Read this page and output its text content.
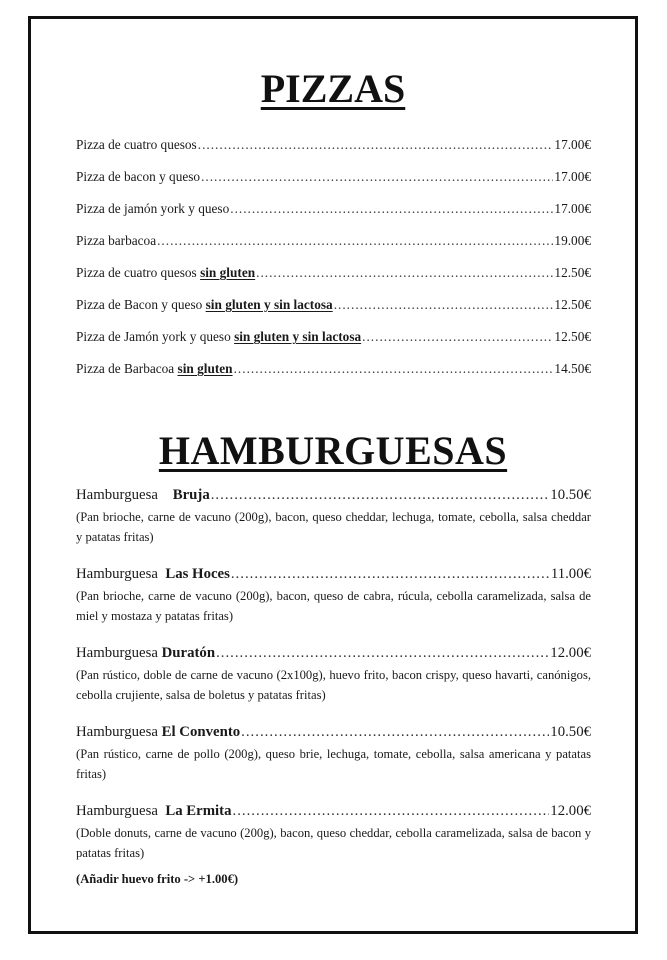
PIZZAS
Pizza de cuatro quesos .....	17.00€
Pizza de bacon y queso .....	17.00€
Pizza de jamón york y queso .....	17.00€
Pizza barbacoa .....	19.00€
Pizza de cuatro quesos sin gluten .....	12.50€
Pizza de Bacon y queso sin gluten y sin lactosa .....	12.50€
Pizza de Jamón york y queso sin gluten y sin lactosa .....	12.50€
Pizza de Barbacoa sin gluten .....	14.50€
HAMBURGUESAS
Hamburguesa Bruja .....	10.50€

(Pan brioche, carne de vacuno (200g), bacon, queso cheddar, lechuga, tomate, cebolla, salsa cheddar y patatas fritas)

Hamburguesa Las Hoces .....	11.00€

(Pan brioche, carne de vacuno (200g), bacon, queso de cabra, rúcula, cebolla caramelizada, salsa de miel y mostaza y patatas fritas)

Hamburguesa Duratón .....	12.00€

(Pan rústico, doble de carne de vacuno (2x100g), huevo frito, bacon crispy, queso havarti, canónigos, cebolla crujiente, salsa de boletus y patatas fritas)

Hamburguesa El Convento .....	10.50€

(Pan rústico, carne de pollo (200g), queso brie, lechuga, tomate, cebolla, salsa americana y patatas fritas)

Hamburguesa La Ermita .....	12.00€

(Doble donuts, carne de vacuno (200g), bacon, queso cheddar, cebolla caramelizada, salsa de bacon y patatas fritas)

(Añadir huevo frito -> +1.00€)
